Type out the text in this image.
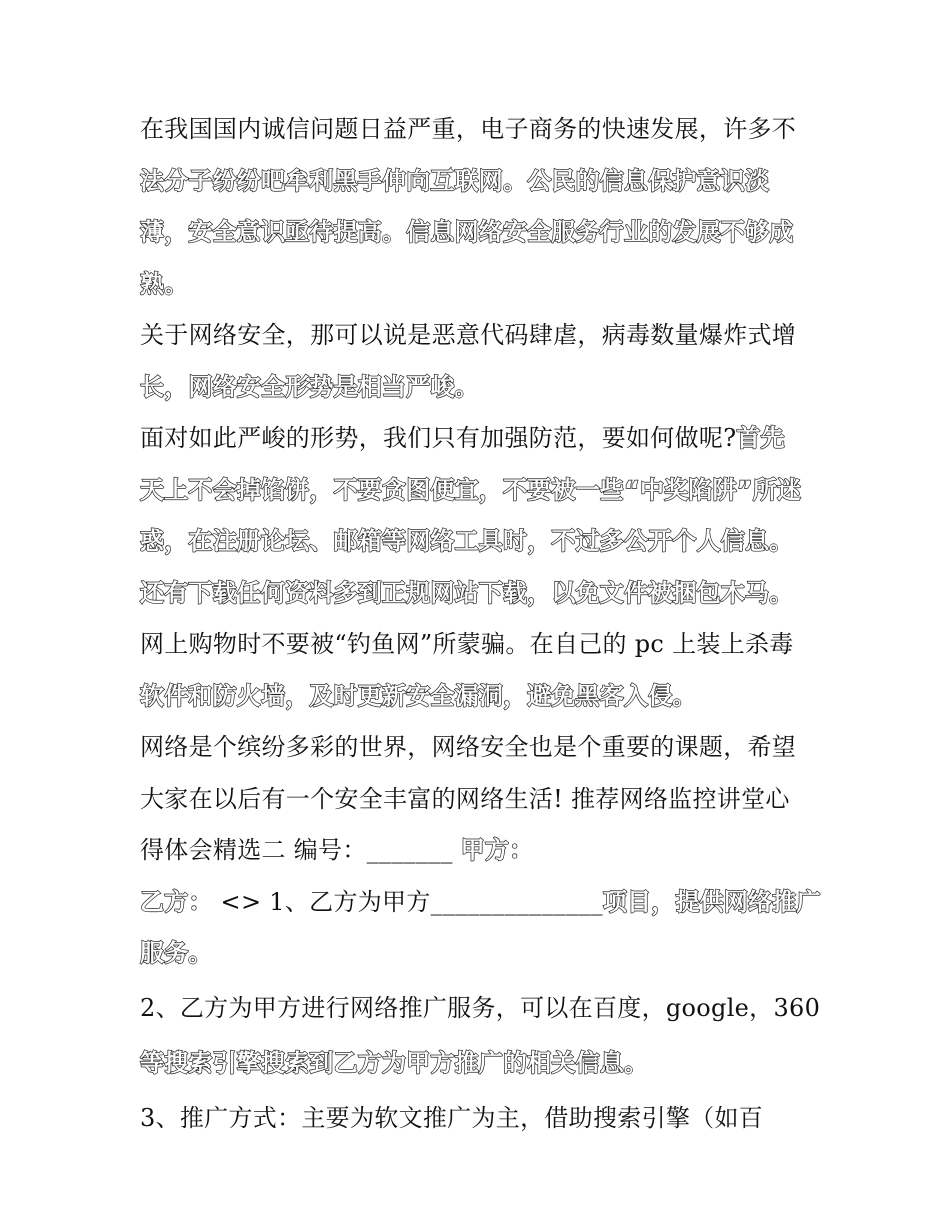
在我国国内诚信问题日益严重，电子商务的快速发展，许多不
法分子纷纷吧牟利黑手伸向互联网。公民的信息保护意识淡
薄，安全意识亟待提高。信息网络安全服务行业的发展不够成
熟。
关于网络安全，那可以说是恶意代码肆虐，病毒数量爆炸式增
长，网络安全形势是相当严峻。
面对如此严峻的形势，我们只有加强防范，要如何做呢?首先
天上不会掉馅饼，不要贪图便宜，不要被一些“中奖陷阱”所迷
惑，在注册论坛、邮箱等网络工具时，不过多公开个人信息。
还有下载任何资料多到正规网站下载，以免文件被捆包木马。
网上购物时不要被“钓鱼网”所蒙骗。在自己的 pc 上装上杀毒
软件和防火墙，及时更新安全漏洞，避免黑客入侵。
网络是个缤纷多彩的世界，网络安全也是个重要的课题，希望
大家在以后有一个安全丰富的网络生活! 推荐网络监控讲堂心
得体会精选二 编号：_______ 甲方：
乙方： <> 1、乙方为甲方______________项目，提供网络推广
服务。
2、乙方为甲方进行网络推广服务，可以在百度，google，360
等搜索引擎搜索到乙方为甲方推广的相关信息。
3、推广方式：主要为软文推广为主，借助搜索引擎（如百
